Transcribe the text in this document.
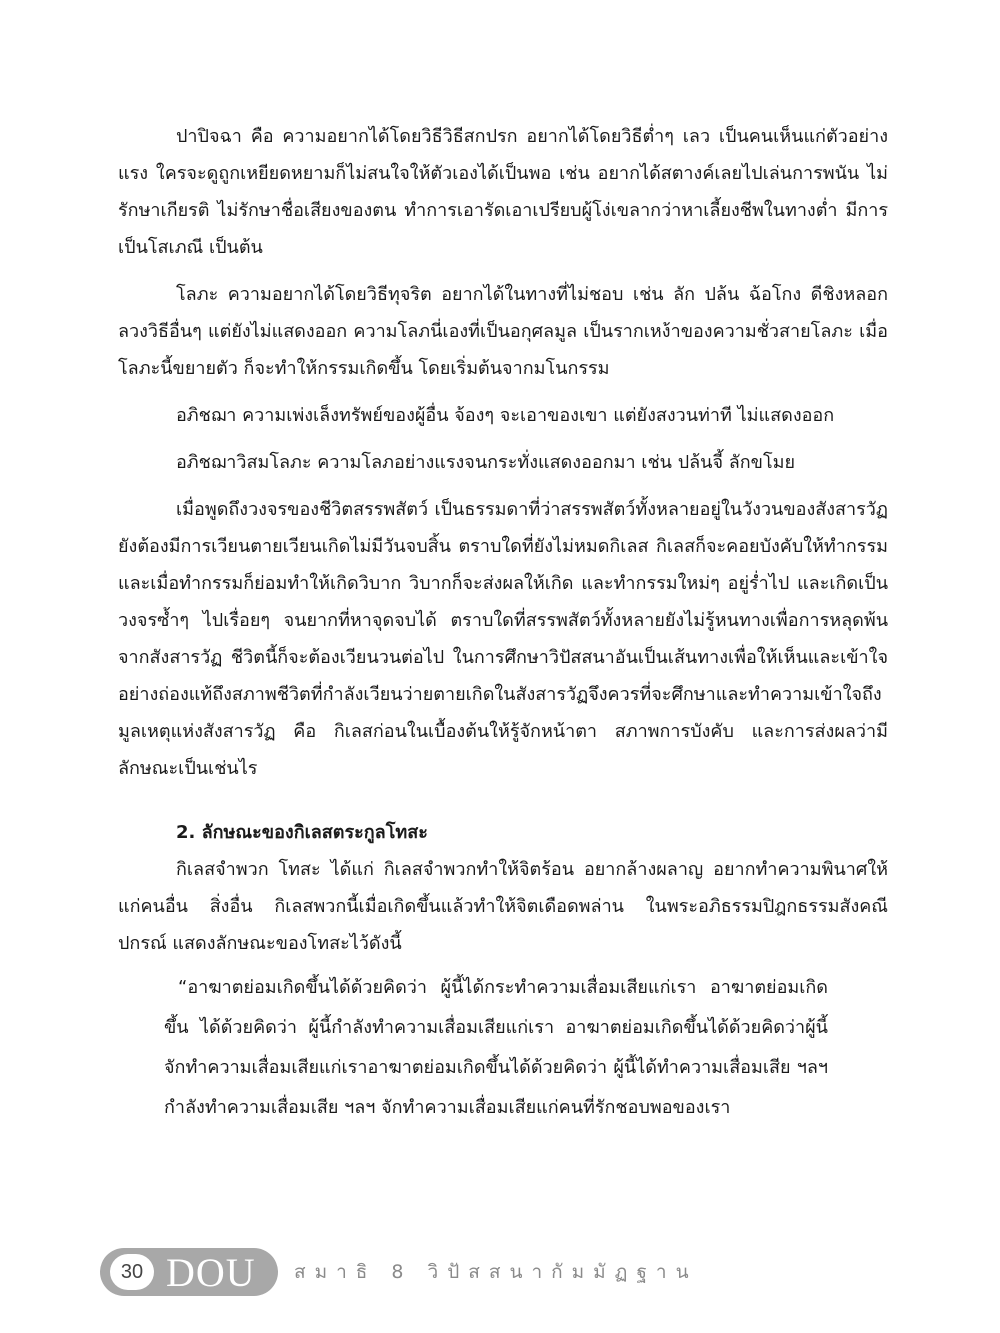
ปาปิจฉา คือ ความอยากได้โดยวิธีวิธีสกปรก อยากได้โดยวิธีต่ำๆ เลว เป็นคนเห็นแก่ตัวอย่างแรง ใครจะดูถูกเหยียดหยามก็ไม่สนใจให้ตัวเองได้เป็นพอ เช่น อยากได้สตางค์เลยไปเล่นการพนัน ไม่รักษาเกียรติ ไม่รักษาชื่อเสียงของตน ทำการเอารัดเอาเปรียบผู้โง่เขลากว่าหาเลี้ยงชีพในทางต่ำ มีการเป็นโสเภณี เป็นต้น

โลภะ ความอยากได้โดยวิธีทุจริต อยากได้ในทางที่ไม่ชอบ เช่น ลัก ปล้น ฉ้อโกง ดีชิงหลอกลวงวิธีอื่นๆ แต่ยังไม่แสดงออก ความโลภนี่เองที่เป็นอกุศลมูล เป็นรากเหง้าของความชั่วสายโลภะ เมื่อโลภะนี้ขยายตัว ก็จะทำให้กรรมเกิดขึ้น โดยเริ่มต้นจากมโนกรรม

อภิชฌา ความเพ่งเล็งทรัพย์ของผู้อื่น จ้องๆ จะเอาของเขา แต่ยังสงวนท่าที ไม่แสดงออก

อภิชฌาวิสมโลภะ ความโลภอย่างแรงจนกระทั่งแสดงออกมา เช่น ปล้นจี้ ลักขโมย

เมื่อพูดถึงวงจรของชีวิตสรรพสัตว์ เป็นธรรมดาที่ว่าสรรพสัตว์ทั้งหลายอยู่ในวังวนของสังสารวัฏ ยังต้องมีการเวียนตายเวียนเกิดไม่มีวันจบสิ้น ตราบใดที่ยังไม่หมดกิเลส กิเลสก็จะคอยบังคับให้ทำกรรม และเมื่อทำกรรมก็ย่อมทำให้เกิดวิบาก วิบากก็จะส่งผลให้เกิด และทำกรรมใหม่ๆ อยู่ร่ำไป และเกิดเป็นวงจรซ้ำๆ ไปเรื่อยๆ จนยากที่หาจุดจบได้ ตราบใดที่สรรพสัตว์ทั้งหลายยังไม่รู้หนทางเพื่อการหลุดพ้นจากสังสารวัฏ ชีวิตนี้ก็จะต้องเวียนวนต่อไป ในการศึกษาวิปัสสนาอันเป็นเส้นทางเพื่อให้เห็นและเข้าใจอย่างถ่องแท้ถึงสภาพชีวิตที่กำลังเวียนว่ายตายเกิดในสังสารวัฏจึงควรที่จะศึกษาและทำความเข้าใจถึงมูลเหตุแห่งสังสารวัฏ คือ กิเลสก่อนในเบื้องต้นให้รู้จักหน้าตา สภาพการบังคับ และการส่งผลว่ามีลักษณะเป็นเช่นไร

2. ลักษณะของกิเลสตระกูลโทสะ

กิเลสจำพวก โทสะ ได้แก่ กิเลสจำพวกทำให้จิตร้อน อยากล้างผลาญ อยากทำความพินาศให้แก่คนอื่น สิ่งอื่น กิเลสพวกนี้เมื่อเกิดขึ้นแล้วทำให้จิตเดือดพล่าน ในพระอภิธรรมปิฎกธรรมสังคณีปกรณ์ แสดงลักษณะของโทสะไว้ดังนี้

“อาฆาตย่อมเกิดขึ้นได้ด้วยคิดว่า ผู้นี้ได้กระทำความเสื่อมเสียแก่เรา อาฆาตย่อมเกิดขึ้น ได้ด้วยคิดว่า ผู้นี้กำลังทำความเสื่อมเสียแก่เรา อาฆาตย่อมเกิดขึ้นได้ด้วยคิดว่าผู้นี้จักทำความเสื่อมเสียแก่เราอาฆาตย่อมเกิดขึ้นได้ด้วยคิดว่า ผู้นี้ได้ทำความเสื่อมเสีย ฯลฯ กำลังทำความเสื่อมเสีย ฯลฯ จักทำความเสื่อมเสียแก่คนที่รักชอบพอของเรา

30 DOU สมาธิ 8 วิปัสสนากัมมัฏฐาน
